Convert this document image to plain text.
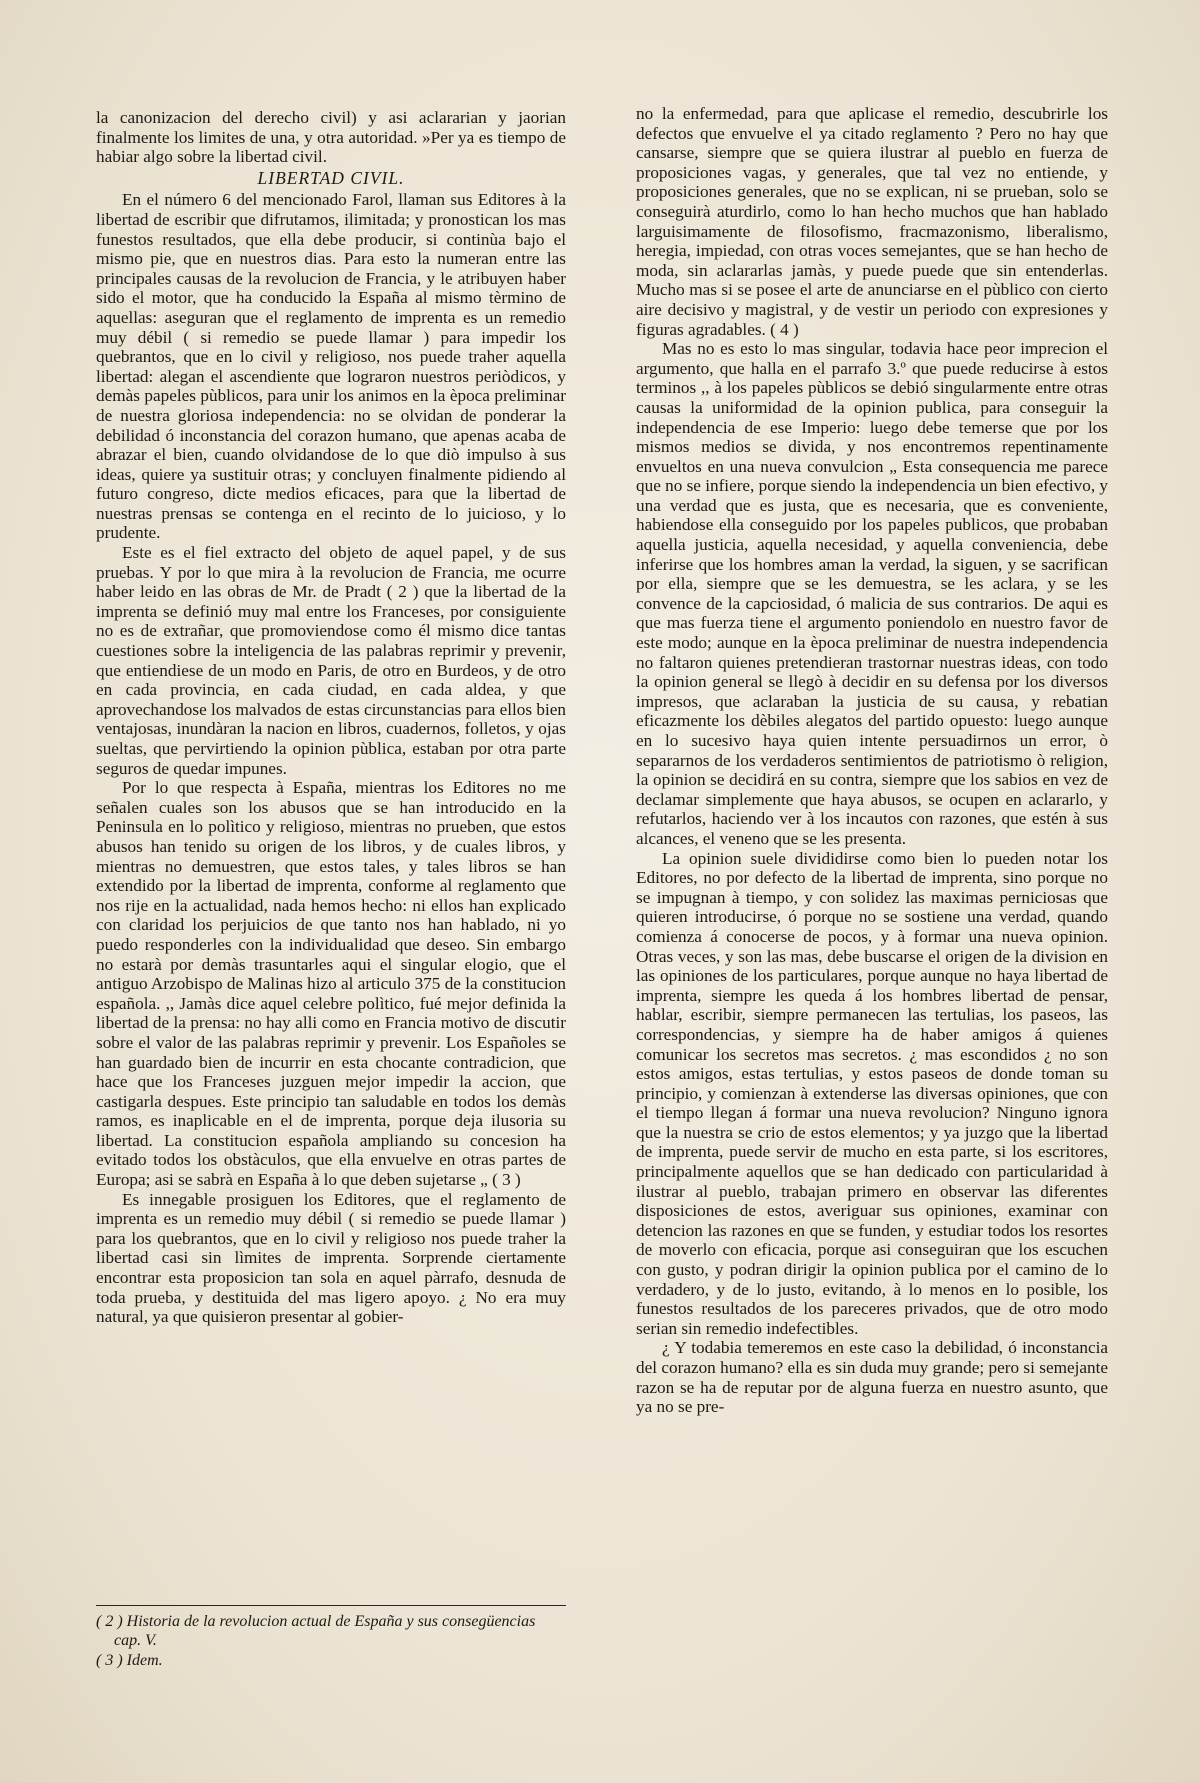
la canonizacion del derecho civil) y asi aclararian y jaorian finalmente los limites de una, y otra autoridad. »Per ya es tiempo de habiar algo sobre la libertad civil.

LIBERTAD CIVIL.

En el número 6 del mencionado Farol, llaman sus Editores à la libertad de escribir que difrutamos, ilimitada; y pronostican los mas funestos resultados, que ella debe producir, si continùa bajo el mismo pie, que en nuestros dias. Para esto la numeran entre las principales causas de la revolucion de Francia, y le atribuyen haber sido el motor, que ha conducido la España al mismo tèrmino de aquellas: aseguran que el reglamento de imprenta es un remedio muy débil ( si remedio se puede llamar ) para impedir los quebrantos, que en lo civil y religioso, nos puede traher aquella libertad: alegan el ascendiente que lograron nuestros periòdicos, y demàs papeles pùblicos, para unir los animos en la època preliminar de nuestra gloriosa independencia: no se olvidan de ponderar la debilidad ó inconstancia del corazon humano, que apenas acaba de abrazar el bien, cuando olvidandose de lo que diò impulso à sus ideas, quiere ya sustituir otras; y concluyen finalmente pidiendo al futuro congreso, dicte medios eficaces, para que la libertad de nuestras prensas se contenga en el recinto de lo juicioso, y lo prudente.

Este es el fiel extracto del objeto de aquel papel, y de sus pruebas. Y por lo que mira à la revolucion de Francia, me ocurre haber leido en las obras de Mr. de Pradt ( 2 ) que la libertad de la imprenta se definió muy mal entre los Franceses, por consiguiente no es de extrañar, que promoviendose como él mismo dice tantas cuestiones sobre la inteligencia de las palabras reprimir y prevenir, que entiendiese de un modo en Paris, de otro en Burdeos, y de otro en cada provincia, en cada ciudad, en cada aldea, y que aprovechandose los malvados de estas circunstancias para ellos bien ventajosas, inundàran la nacion en libros, cuadernos, folletos, y ojas sueltas, que pervirtiendo la opinion pùblica, estaban por otra parte seguros de quedar impunes.

Por lo que respecta à España, mientras los Editores no me señalen cuales son los abusos que se han introducido en la Peninsula en lo polìtico y religioso, mientras no prueben, que estos abusos han tenido su origen de los libros, y de cuales libros, y mientras no demuestren, que estos tales, y tales libros se han extendido por la libertad de imprenta, conforme al reglamento que nos rije en la actualidad, nada hemos hecho: ni ellos han explicado con claridad los perjuicios de que tanto nos han hablado, ni yo puedo responderles con la individualidad que deseo. Sin embargo no estarà por demàs trasuntarles aqui el singular elogio, que el antiguo Arzobispo de Malinas hizo al articulo 375 de la constitucion española. ,, Jamàs dice aquel celebre polìtico, fué mejor definida la libertad de la prensa: no hay alli como en Francia motivo de discutir sobre el valor de las palabras reprimir y prevenir. Los Españoles se han guardado bien de incurrir en esta chocante contradicion, que hace que los Franceses juzguen mejor impedir la accion, que castigarla despues. Este principio tan saludable en todos los demàs ramos, es inaplicable en el de imprenta, porque deja ilusoria su libertad. La constitucion española ampliando su concesion ha evitado todos los obstàculos, que ella envuelve en otras partes de Europa; asi se sabrà en España à lo que deben sujetarse „ ( 3 )

Es innegable prosiguen los Editores, que el reglamento de imprenta es un remedio muy débil ( si remedio se puede llamar ) para los quebrantos, que en lo civil y religioso nos puede traher la libertad casi sin lìmites de imprenta. Sorprende ciertamente encontrar esta proposicion tan sola en aquel pàrrafo, desnuda de toda prueba, y destituida del mas ligero apoyo. ¿ No era muy natural, ya que quisieron presentar al gobier-

( 2 ) Historia de la revolucion actual de España y sus consegüencias cap. V.
( 3 ) Idem.

no la enfermedad, para que aplicase el remedio, descubrirle los defectos que envuelve el ya citado reglamento ? Pero no hay que cansarse, siempre que se quiera ilustrar al pueblo en fuerza de proposiciones vagas, y generales, que tal vez no entiende, y proposiciones generales, que no se explican, ni se prueban, solo se conseguirà aturdirlo, como lo han hecho muchos que han hablado larguisimamente de filosofismo, fracmazonismo, liberalismo, heregia, impiedad, con otras voces semejantes, que se han hecho de moda, sin aclararlas jamàs, y puede puede que sin entenderlas. Mucho mas si se posee el arte de anunciarse en el pùblico con cierto aire decisivo y magistral, y de vestir un periodo con expresiones y figuras agradables. ( 4 )

Mas no es esto lo mas singular, todavia hace peor imprecion el argumento, que halla en el parrafo 3.º que puede reducirse à estos terminos ,, à los papeles pùblicos se debió singularmente entre otras causas la uniformidad de la opinion publica, para conseguir la independencia de ese Imperio: luego debe temerse que por los mismos medios se divida, y nos encontremos repentinamente envueltos en una nueva convulcion „ Esta consequencia me parece que no se infiere, porque siendo la independencia un bien efectivo, y una verdad que es justa, que es necesaria, que es conveniente, habiendose ella conseguido por los papeles publicos, que probaban aquella justicia, aquella necesidad, y aquella conveniencia, debe inferirse que los hombres aman la verdad, la siguen, y se sacrifican por ella, siempre que se les demuestra, se les aclara, y se les convence de la capciosidad, ó malicia de sus contrarios. De aqui es que mas fuerza tiene el argumento poniendolo en nuestro favor de este modo; aunque en la època preliminar de nuestra independencia no faltaron quienes pretendieran trastornar nuestras ideas, con todo la opinion general se llegò à decidir en su defensa por los diversos impresos, que aclaraban la justicia de su causa, y rebatian eficazmente los dèbiles alegatos del partido opuesto: luego aunque en lo sucesivo haya quien intente persuadirnos un error, ò separarnos de los verdaderos sentimientos de patriotismo ò religion, la opinion se decidirá en su contra, siempre que los sabios en vez de declamar simplemente que haya abusos, se ocupen en aclararlo, y refutarlos, haciendo ver à los incautos con razones, que estén à sus alcances, el veneno que se les presenta.

La opinion suele divididirse como bien lo pueden notar los Editores, no por defecto de la libertad de imprenta, sino porque no se impugnan à tiempo, y con solidez las maximas perniciosas que quieren introducirse, ó porque no se sostiene una verdad, quando comienza á conocerse de pocos, y à formar una nueva opinion. Otras veces, y son las mas, debe buscarse el origen de la division en las opiniones de los particulares, porque aunque no haya libertad de imprenta, siempre les queda á los hombres libertad de pensar, hablar, escribir, siempre permanecen las tertulias, los paseos, las correspondencias, y siempre ha de haber amigos á quienes comunicar los secretos mas secretos. ¿ mas escondidos ¿ no son estos amigos, estas tertulias, y estos paseos de donde toman su principio, y comienzan à extenderse las diversas opiniones, que con el tiempo llegan á formar una nueva revolucion? Ninguno ignora que la nuestra se crio de estos elementos; y ya juzgo que la libertad de imprenta, puede servir de mucho en esta parte, si los escritores, principalmente aquellos que se han dedicado con particularidad à ilustrar al pueblo, trabajan primero en observar las diferentes disposiciones de estos, averiguar sus opiniones, examinar con detencion las razones en que se funden, y estudiar todos los resortes de moverlo con eficacia, porque asi conseguiran que los escuchen con gusto, y podran dirigir la opinion publica por el camino de lo verdadero, y de lo justo, evitando, à lo menos en lo posible, los funestos resultados de los pareceres privados, que de otro modo serian sin remedio indefectibles.

¿ Y todabia temeremos en este caso la debilidad, ó inconstancia del corazon humano? ella es sin duda muy grande; pero si semejante razon se ha de reputar por de alguna fuerza en nuestro asunto, que ya no se pre-
